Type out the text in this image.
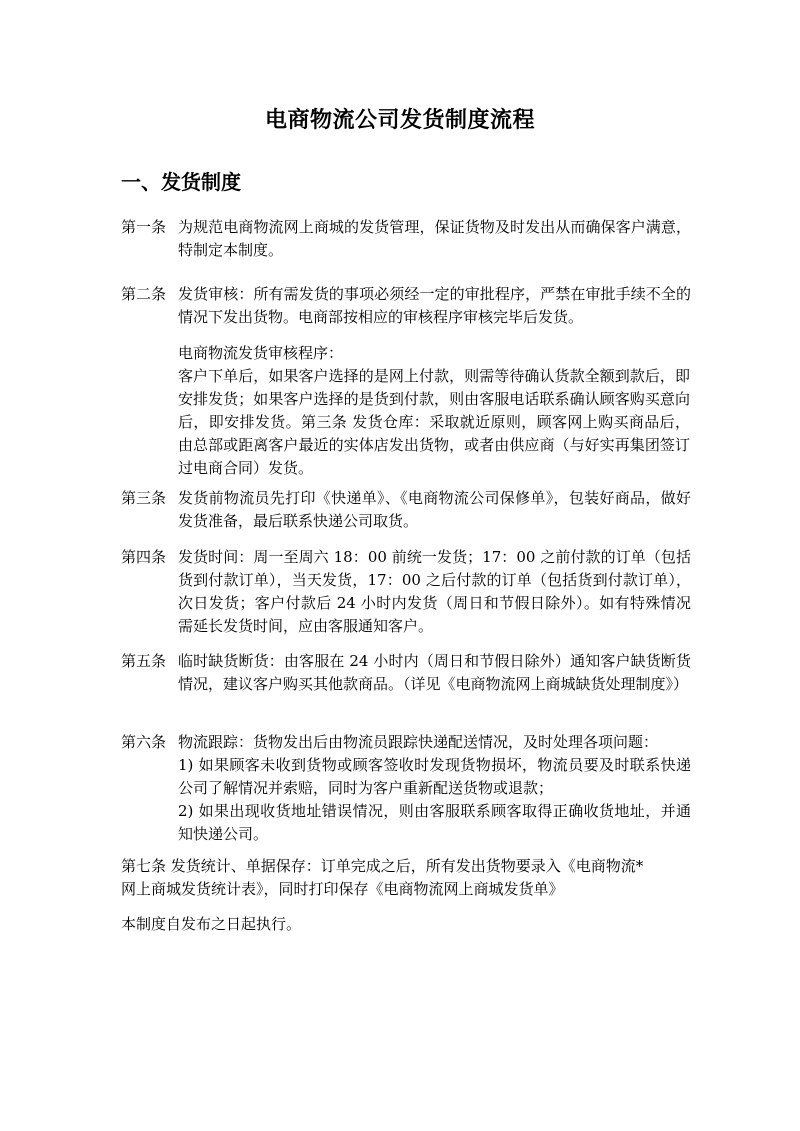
电商物流公司发货制度流程
一、发货制度
第一条 为规范电商物流网上商城的发货管理，保证货物及时发出从而确保客户满意，特制定本制度。
第二条 发货审核：所有需发货的事项必须经一定的审批程序，严禁在审批手续不全的情况下发出货物。电商部按相应的审核程序审核完毕后发货。
电商物流发货审核程序：
客户下单后，如果客户选择的是网上付款，则需等待确认货款全额到款后，即安排发货；如果客户选择的是货到付款，则由客服电话联系确认顾客购买意向后，即安排发货。第三条 发货仓库：采取就近原则，顾客网上购买商品后，由总部或距离客户最近的实体店发出货物，或者由供应商（与好实再集团签订过电商合同）发货。
第三条 发货前物流员先打印《快递单》、《电商物流公司保修单》，包装好商品，做好发货准备，最后联系快递公司取货。
第四条 发货时间：周一至周六 18：00 前统一发货；17：00 之前付款的订单（包括货到付款订单），当天发货，17：00 之后付款的订单（包括货到付款订单），次日发货；客户付款后 24 小时内发货（周日和节假日除外）。如有特殊情况需延长发货时间，应由客服通知客户。
第五条 临时缺货断货：由客服在 24 小时内（周日和节假日除外）通知客户缺货断货情况，建议客户购买其他款商品。（详见《电商物流网上商城缺货处理制度》）
第六条 物流跟踪：货物发出后由物流员跟踪快递配送情况，及时处理各项问题：
1) 如果顾客未收到货物或顾客签收时发现货物损坏，物流员要及时联系快递公司了解情况并索赔，同时为客户重新配送货物或退款；
2) 如果出现收货地址错误情况，则由客服联系顾客取得正确收货地址，并通知快递公司。
第七条 发货统计、单据保存：订单完成之后，所有发出货物要录入《电商物流*
网上商城发货统计表》，同时打印保存《电商物流网上商城发货单》
本制度自发布之日起执行。
